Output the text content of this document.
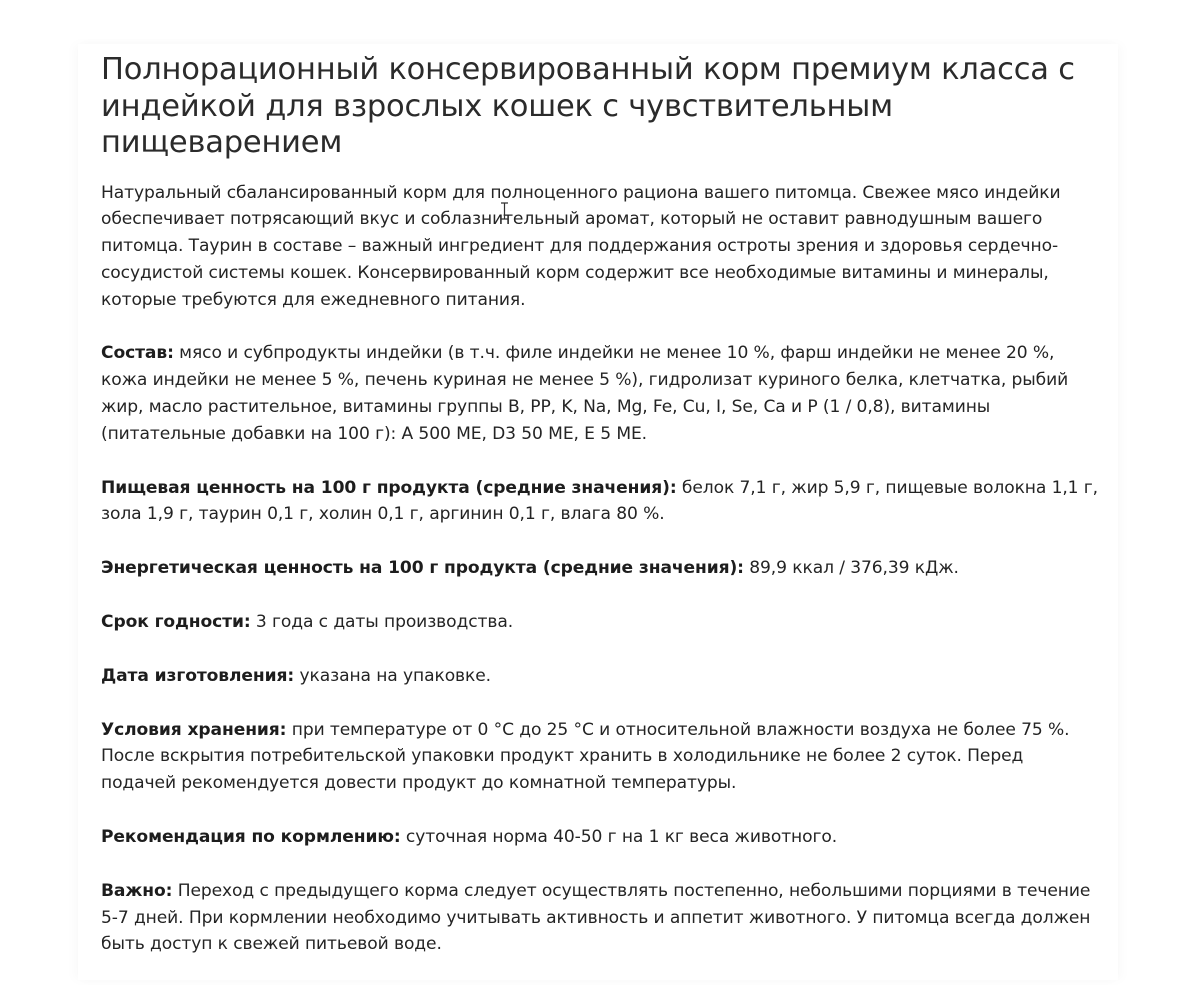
Полнорационный консервированный корм премиум класса с индейкой для взрослых кошек с чувствительным пищеварением

Натуральный сбалансированный корм для полноценного рациона вашего питомца. Свежее мясо индейки обеспечивает потрясающий вкус и соблазнительный аромат, который не оставит равнодушным вашего питомца. Таурин в составе – важный ингредиент для поддержания остроты зрения и здоровья сердечно-сосудистой системы кошек. Консервированный корм содержит все необходимые витамины и минералы, которые требуются для ежедневного питания.

Состав: мясо и субпродукты индейки (в т.ч. филе индейки не менее 10 %, фарш индейки не менее 20 %, кожа индейки не менее 5 %, печень куриная не менее 5 %), гидролизат куриного белка, клетчатка, рыбий жир, масло растительное, витамины группы B, PP, K, Na, Mg, Fe, Cu, I, Se, Ca и P (1 / 0,8), витамины (питательные добавки на 100 г): A 500 ME, D3 50 ME, E 5 ME.

Пищевая ценность на 100 г продукта (средние значения): белок 7,1 г, жир 5,9 г, пищевые волокна 1,1 г, зола 1,9 г, таурин 0,1 г, холин 0,1 г, аргинин 0,1 г, влага 80 %.

Энергетическая ценность на 100 г продукта (средние значения): 89,9 ккал / 376,39 кДж.

Срок годности: 3 года с даты производства.

Дата изготовления: указана на упаковке.

Условия хранения: при температуре от 0 °C до 25 °C и относительной влажности воздуха не более 75 %. После вскрытия потребительской упаковки продукт хранить в холодильнике не более 2 суток. Перед подачей рекомендуется довести продукт до комнатной температуры.

Рекомендация по кормлению: суточная норма 40-50 г на 1 кг веса животного.

Важно: Переход с предыдущего корма следует осуществлять постепенно, небольшими порциями в течение 5-7 дней. При кормлении необходимо учитывать активность и аппетит животного. У питомца всегда должен быть доступ к свежей питьевой воде.
